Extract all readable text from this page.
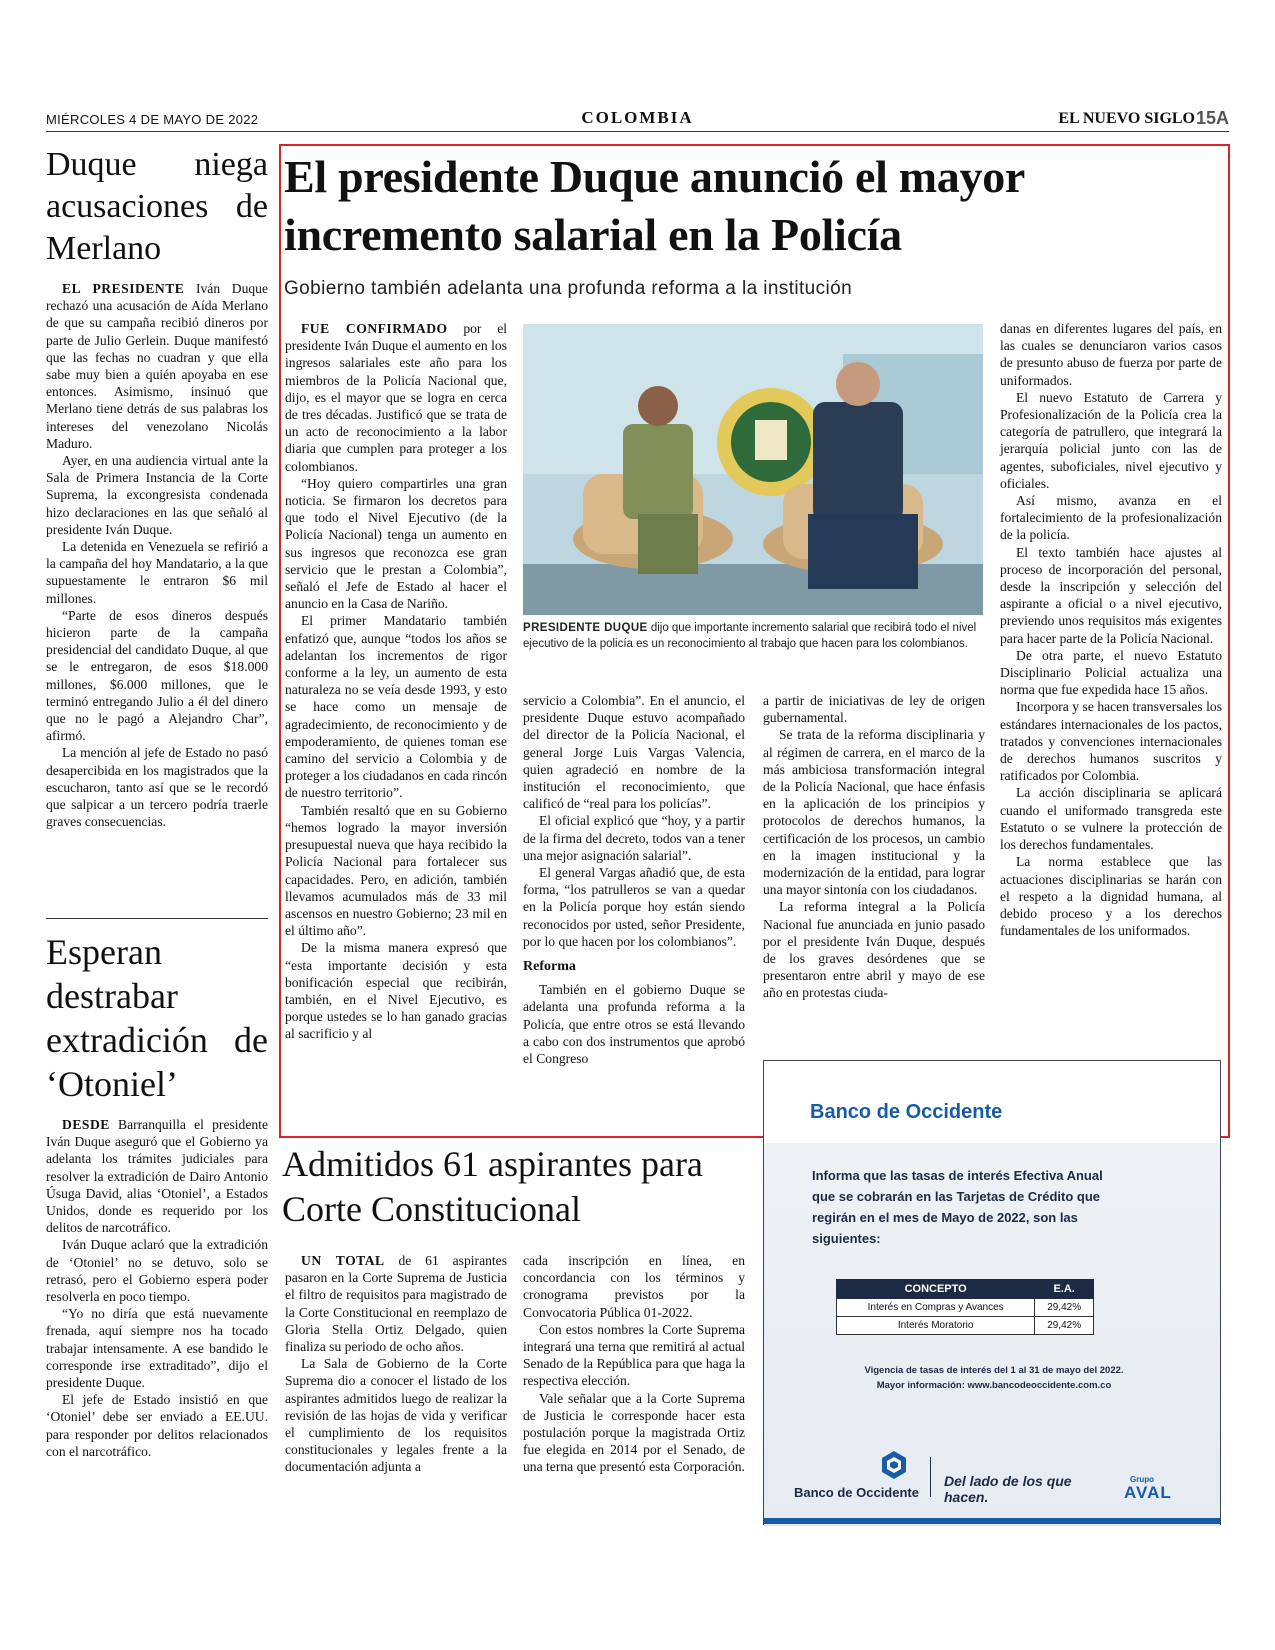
MIÉRCOLES 4 DE MAYO DE 2022	COLOMBIA	EL NUEVO SIGLO 15A
Duque niega acusaciones de Merlano

EL PRESIDENTE Iván Duque rechazó una acusación de Aída Merlano de que su campaña recibió dineros por parte de Julio Gerlein. Duque manifestó que las fechas no cuadran y que ella sabe muy bien a quién apoyaba en ese entonces. Asimismo, insinuó que Merlano tiene detrás de sus palabras los intereses del venezolano Nicolás Maduro.

Ayer, en una audiencia virtual ante la Sala de Primera Instancia de la Corte Suprema, la excongresista condenada hizo declaraciones en las que señaló al presidente Iván Duque.

La detenida en Venezuela se refirió a la campaña del hoy Mandatario, a la que supuestamente le entraron $6 mil millones.

“Parte de esos dineros después hicieron parte de la campaña presidencial del candidato Duque, al que se le entregaron, de esos $18.000 millones, $6.000 millones, que le terminó entregando Julio a él del dinero que no le pagó a Alejandro Char”, afirmó.

La mención al jefe de Estado no pasó desapercibida en los magistrados que la escucharon, tanto así que se le recordó que salpicar a un tercero podría traerle graves consecuencias.

Esperan destrabar extradición de ‘Otoniel’

DESDE Barranquilla el presidente Iván Duque aseguró que el Gobierno ya adelanta los trámites judiciales para resolver la extradición de Dairo Antonio Úsuga David, alias ‘Otoniel’, a Estados Unidos, donde es requerido por los delitos de narcotráfico.

Iván Duque aclaró que la extradición de ‘Otoniel’ no se detuvo, solo se retrasó, pero el Gobierno espera poder resolverla en poco tiempo.

“Yo no diría que está nuevamente frenada, aquí siempre nos ha tocado trabajar intensamente. A ese bandido le corresponde irse extraditado”, dijo el presidente Duque.

El jefe de Estado insistió en que ‘Otoniel’ debe ser enviado a EE.UU. para responder por delitos relacionados con el narcotráfico.

El presidente Duque anunció el mayor incremento salarial en la Policía
Gobierno también adelanta una profunda reforma a la institución

FUE CONFIRMADO por el presidente Iván Duque el aumento en los ingresos salariales este año para los miembros de la Policía Nacional que, dijo, es el mayor que se logra en cerca de tres décadas. Justificó que se trata de un acto de reconocimiento a la labor diaria que cumplen para proteger a los colombianos.

“Hoy quiero compartirles una gran noticia. Se firmaron los decretos para que todo el Nivel Ejecutivo (de la Policía Nacional) tenga un aumento en sus ingresos que reconozca ese gran servicio que le prestan a Colombia”, señaló el Jefe de Estado al hacer el anuncio en la Casa de Nariño.

El primer Mandatario también enfatizó que, aunque “todos los años se adelantan los incrementos de rigor conforme a la ley, un aumento de esta naturaleza no se veía desde 1993, y esto se hace como un mensaje de agradecimiento, de reconocimiento y de empoderamiento, de quienes toman ese camino del servicio a Colombia y de proteger a los ciudadanos en cada rincón de nuestro territorio”.

También resaltó que en su Gobierno “hemos logrado la mayor inversión presupuestal nueva que haya recibido la Policía Nacional para fortalecer sus capacidades. Pero, en adición, también llevamos acumulados más de 33 mil ascensos en nuestro Gobierno; 23 mil en el último año”.

De la misma manera expresó que “esta importante decisión y esta bonificación especial que recibirán, también, en el Nivel Ejecutivo, es porque ustedes se lo han ganado gracias al sacrificio y al

PRESIDENTE DUQUE dijo que importante incremento salarial que recibirá todo el nivel ejecutivo de la policía es un reconocimiento al trabajo que hacen para los colombianos.

servicio a Colombia”. En el anuncio, el presidente Duque estuvo acompañado del director de la Policía Nacional, el general Jorge Luis Vargas Valencia, quien agradeció en nombre de la institución el reconocimiento, que calificó de “real para los policías”.

El oficial explicó que “hoy, y a partir de la firma del decreto, todos van a tener una mejor asignación salarial”.

El general Vargas añadió que, de esta forma, “los patrulleros se van a quedar en la Policía porque hoy están siendo reconocidos por usted, señor Presidente, por lo que hacen por los colombianos”.

Reforma

También en el gobierno Duque se adelanta una profunda reforma a la Policía, que entre otros se está llevando a cabo con dos instrumentos que aprobó el Congreso

a partir de iniciativas de ley de origen gubernamental.

Se trata de la reforma disciplinaria y al régimen de carrera, en el marco de la más ambiciosa transformación integral de la Policía Nacional, que hace énfasis en la aplicación de los principios y protocolos de derechos humanos, la certificación de los procesos, un cambio en la imagen institucional y la modernización de la entidad, para lograr una mayor sintonía con los ciudadanos.

La reforma integral a la Policía Nacional fue anunciada en junio pasado por el presidente Iván Duque, después de los graves desórdenes que se presentaron entre abril y mayo de ese año en protestas ciuda-

danas en diferentes lugares del país, en las cuales se denunciaron varios casos de presunto abuso de fuerza por parte de uniformados.

El nuevo Estatuto de Carrera y Profesionalización de la Policía crea la categoría de patrullero, que integrará la jerarquía policial junto con las de agentes, suboficiales, nivel ejecutivo y oficiales.

Así mismo, avanza en el fortalecimiento de la profesionalización de la policía.

El texto también hace ajustes al proceso de incorporación del personal, desde la inscripción y selección del aspirante a oficial o a nivel ejecutivo, previendo unos requisitos más exigentes para hacer parte de la Policía Nacional.

De otra parte, el nuevo Estatuto Disciplinario Policial actualiza una norma que fue expedida hace 15 años.

Incorpora y se hacen transversales los estándares internacionales de los pactos, tratados y convenciones internacionales de derechos humanos suscritos y ratificados por Colombia.

La acción disciplinaria se aplicará cuando el uniformado transgreda este Estatuto o se vulnere la protección de los derechos fundamentales.

La norma establece que las actuaciones disciplinarias se harán con el respeto a la dignidad humana, al debido proceso y a los derechos fundamentales de los uniformados.

Admitidos 61 aspirantes para Corte Constitucional

UN TOTAL de 61 aspirantes pasaron en la Corte Suprema de Justicia el filtro de requisitos para magistrado de la Corte Constitucional en reemplazo de Gloria Stella Ortiz Delgado, quien finaliza su periodo de ocho años.

La Sala de Gobierno de la Corte Suprema dio a conocer el listado de los aspirantes admitidos luego de realizar la revisión de las hojas de vida y verificar el cumplimiento de los requisitos constitucionales y legales frente a la documentación adjunta a

cada inscripción en línea, en concordancia con los términos y cronograma previstos por la Convocatoria Pública 01-2022.

Con estos nombres la Corte Suprema integrará una terna que remitirá al actual Senado de la República para que haga la respectiva elección.

Vale señalar que a la Corte Suprema de Justicia le corresponde hacer esta postulación porque la magistrada Ortiz fue elegida en 2014 por el Senado, de una terna que presentó esta Corporación.

Banco de Occidente
Informa que las tasas de interés Efectiva Anual que se cobrarán en las Tarjetas de Crédito que regirán en el mes de Mayo de 2022, son las siguientes:
CONCEPTO	E.A.
Interés en Compras y Avances	29,42%
Interés Moratorio	29,42%
Vigencia de tasas de interés del 1 al 31 de mayo del 2022.
Mayor información: www.bancodeoccidente.com.co
Banco de Occidente
Del lado de los que hacen.
Grupo
AVAL
